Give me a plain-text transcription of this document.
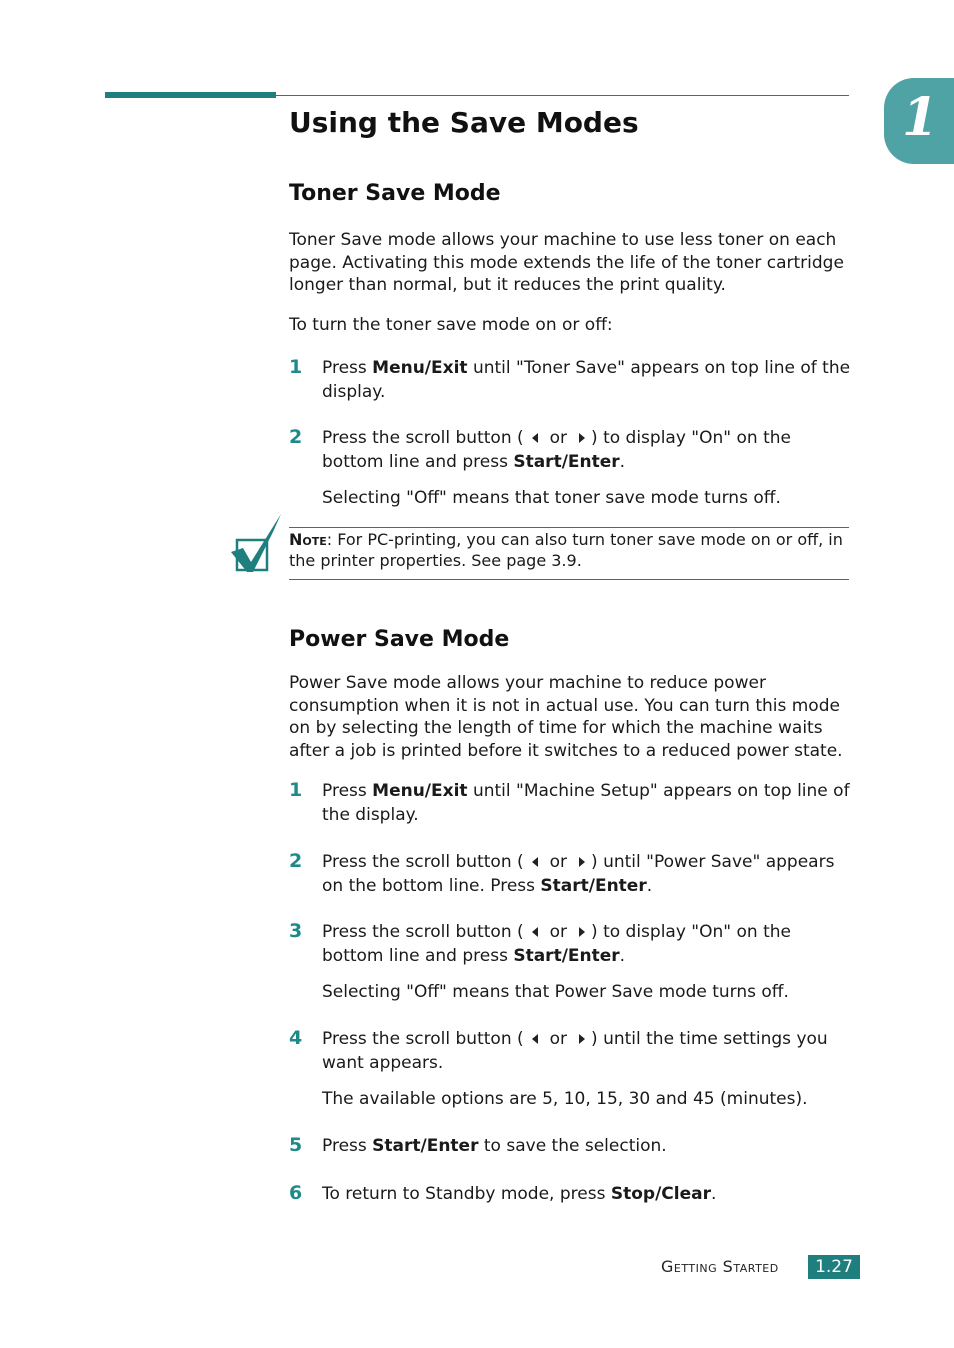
1
Using the Save Modes
Toner Save Mode

Toner Save mode allows your machine to use less toner on each page. Activating this mode extends the life of the toner cartridge longer than normal, but it reduces the print quality.

To turn the toner save mode on or off:

1 Press Menu/Exit until "Toner Save" appears on top line of the display.

2 Press the scroll button ( or ) to display "On" on the bottom line and press Start/Enter.

Selecting "Off" means that toner save mode turns off.

Note: For PC-printing, you can also turn toner save mode on or off, in the printer properties. See page 3.9.

Power Save Mode

Power Save mode allows your machine to reduce power consumption when it is not in actual use. You can turn this mode on by selecting the length of time for which the machine waits after a job is printed before it switches to a reduced power state.

1 Press Menu/Exit until "Machine Setup" appears on top line of the display.

2 Press the scroll button ( or ) until "Power Save" appears on the bottom line. Press Start/Enter.

3 Press the scroll button ( or ) to display "On" on the bottom line and press Start/Enter.

Selecting "Off" means that Power Save mode turns off.

4 Press the scroll button ( or ) until the time settings you want appears.

The available options are 5, 10, 15, 30 and 45 (minutes).

5 Press Start/Enter to save the selection.

6 To return to Standby mode, press Stop/Clear.

Getting Started	1.27
